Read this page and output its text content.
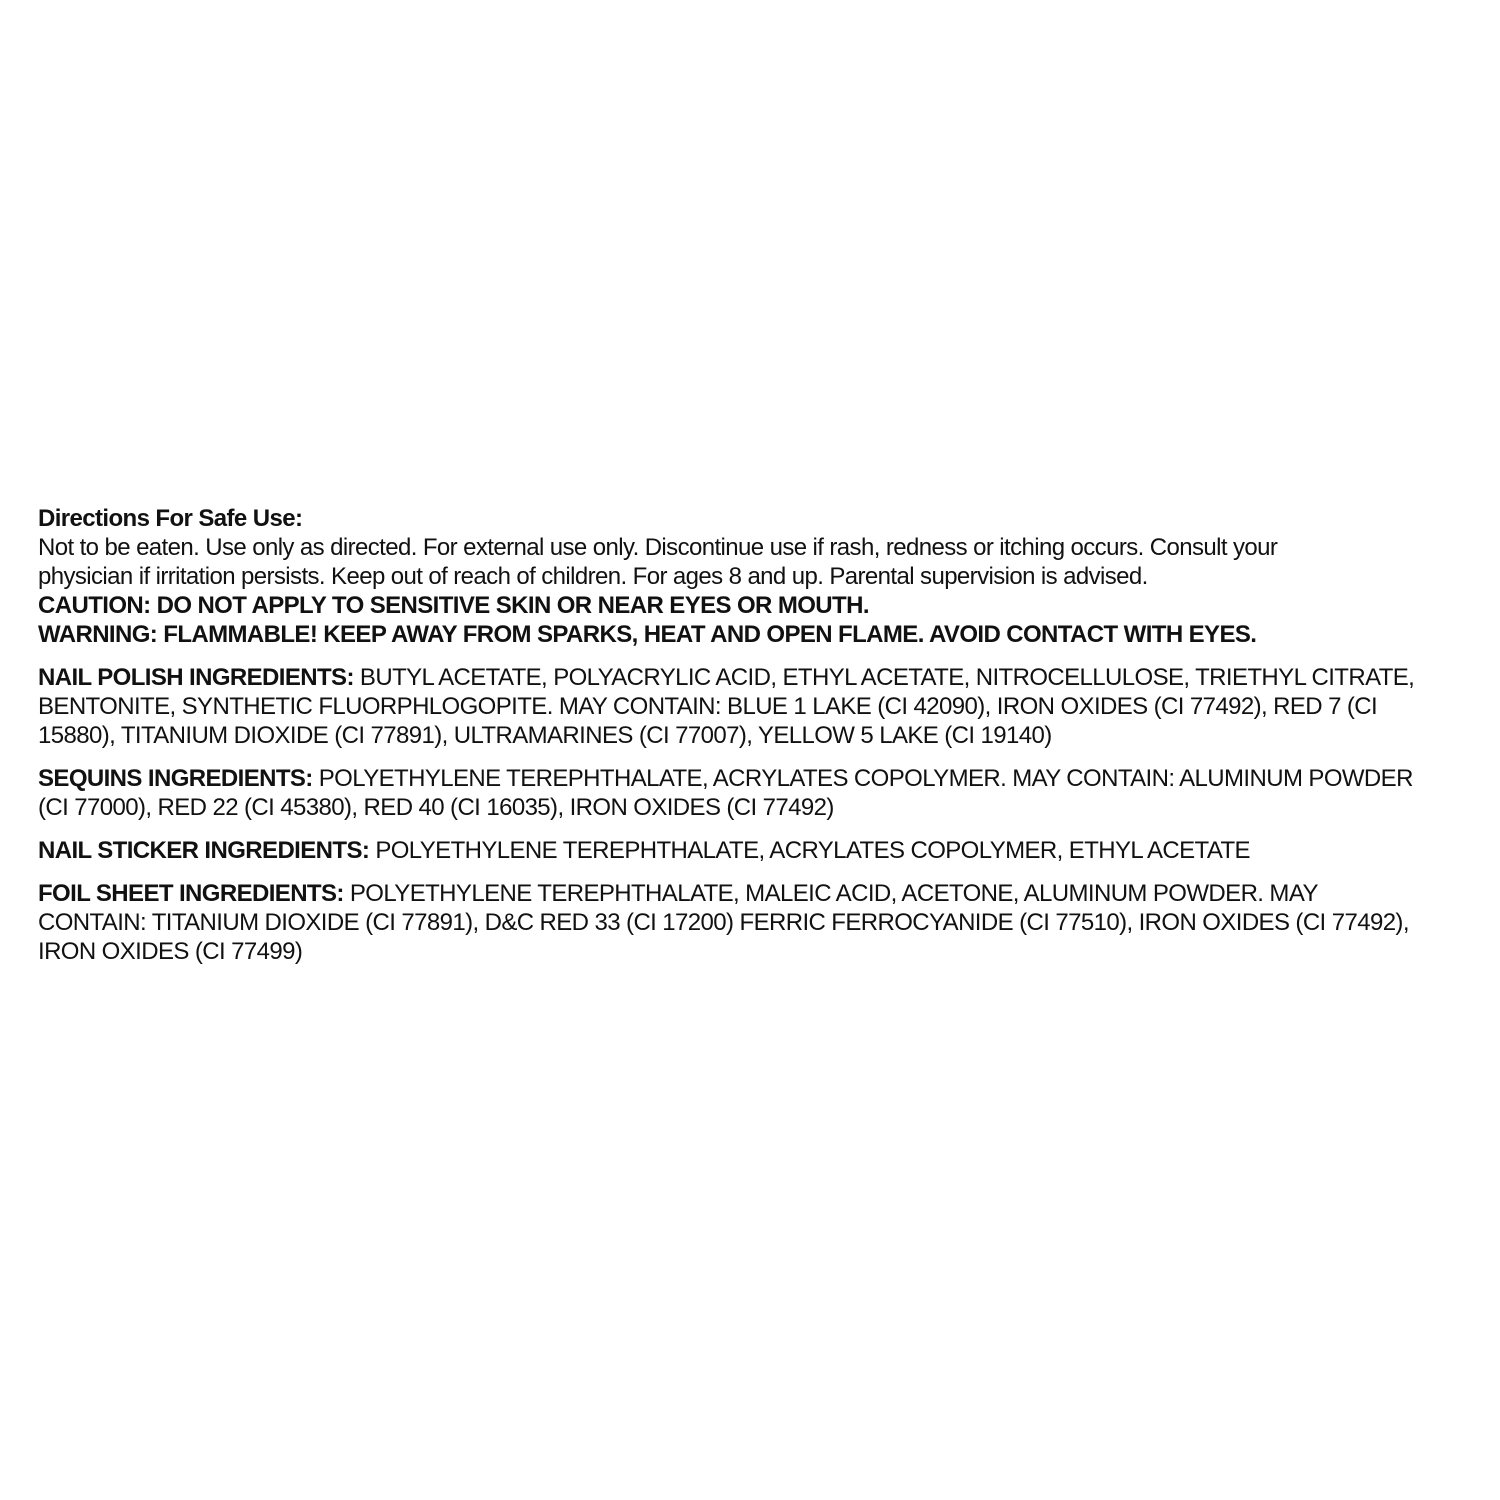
Directions For Safe Use:
Not to be eaten. Use only as directed. For external use only. Discontinue use if rash, redness or itching occurs. Consult your
physician if irritation persists. Keep out of reach of children. For ages 8 and up. Parental supervision is advised.
CAUTION: DO NOT APPLY TO SENSITIVE SKIN OR NEAR EYES OR MOUTH.
WARNING: FLAMMABLE! KEEP AWAY FROM SPARKS, HEAT AND OPEN FLAME. AVOID CONTACT WITH EYES.
NAIL POLISH INGREDIENTS: BUTYL ACETATE, POLYACRYLIC ACID, ETHYL ACETATE, NITROCELLULOSE, TRIETHYL CITRATE,
BENTONITE, SYNTHETIC FLUORPHLOGOPITE. MAY CONTAIN: BLUE 1 LAKE (CI 42090), IRON OXIDES (CI 77492), RED 7 (CI
15880), TITANIUM DIOXIDE (CI 77891), ULTRAMARINES (CI 77007), YELLOW 5 LAKE (CI 19140)
SEQUINS INGREDIENTS: POLYETHYLENE TEREPHTHALATE, ACRYLATES COPOLYMER. MAY CONTAIN: ALUMINUM POWDER
(CI 77000), RED 22 (CI 45380), RED 40 (CI 16035), IRON OXIDES (CI 77492)
NAIL STICKER INGREDIENTS: POLYETHYLENE TEREPHTHALATE, ACRYLATES COPOLYMER, ETHYL ACETATE
FOIL SHEET INGREDIENTS: POLYETHYLENE TEREPHTHALATE, MALEIC ACID, ACETONE, ALUMINUM POWDER. MAY
CONTAIN: TITANIUM DIOXIDE (CI 77891), D&C RED 33 (CI 17200) FERRIC FERROCYANIDE (CI 77510), IRON OXIDES (CI 77492),
IRON OXIDES (CI 77499)
